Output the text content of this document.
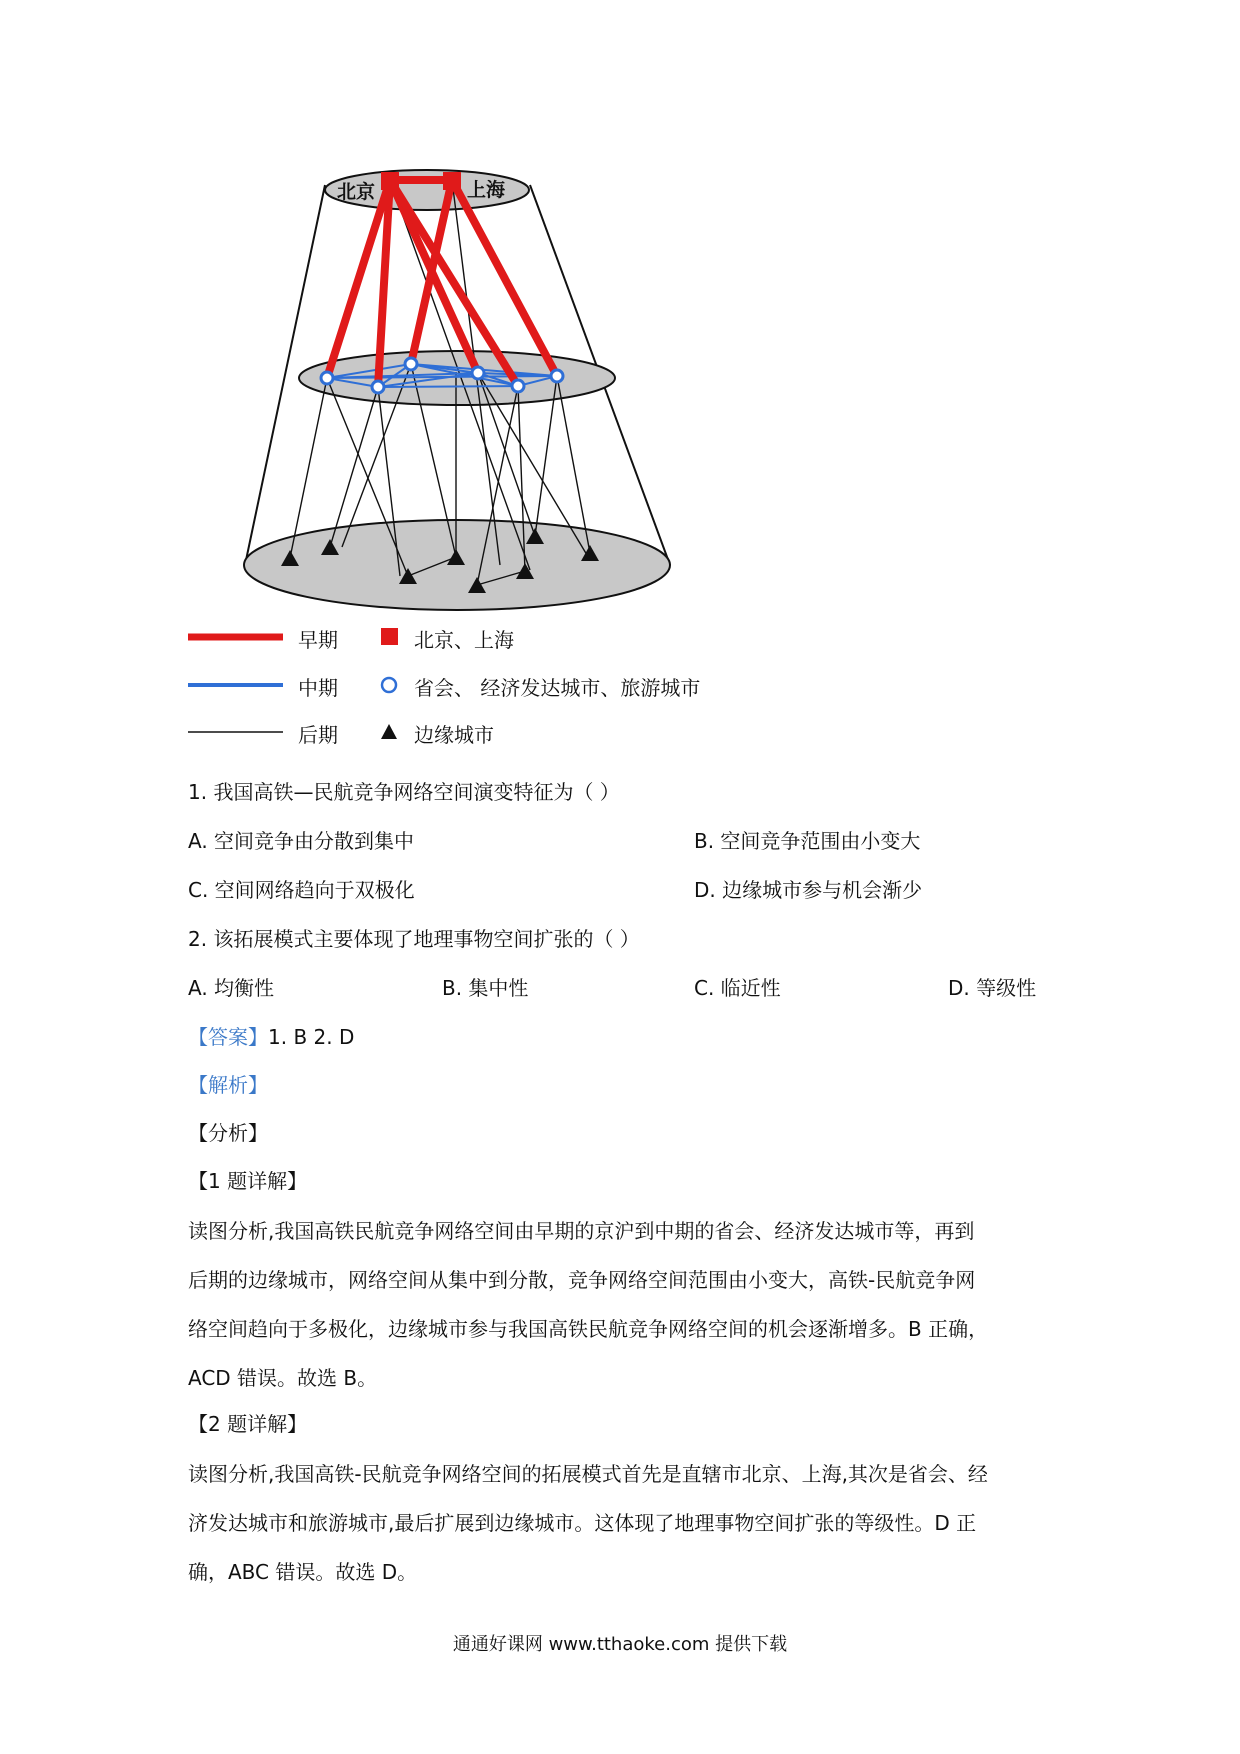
北京	上海
早期	北京、上海
中期	省会、 经济发达城市、旅游城市
后期	边缘城市
1. 我国高铁—民航竞争网络空间演变特征为（ ）
A. 空间竞争由分散到集中	B. 空间竞争范围由小变大
C. 空间网络趋向于双极化	D. 边缘城市参与机会渐少
2. 该拓展模式主要体现了地理事物空间扩张的（ ）
A. 均衡性	B. 集中性	C. 临近性	D. 等级性
【答案】1. B 2. D
【解析】
【分析】
【1 题详解】
读图分析,我国高铁民航竞争网络空间由早期的京沪到中期的省会、经济发达城市等，再到
后期的边缘城市，网络空间从集中到分散，竞争网络空间范围由小变大，高铁-民航竞争网
络空间趋向于多极化，边缘城市参与我国高铁民航竞争网络空间的机会逐渐增多。B 正确，
ACD 错误。故选 B。
【2 题详解】
读图分析,我国高铁-民航竞争网络空间的拓展模式首先是直辖市北京、上海,其次是省会、经
济发达城市和旅游城市,最后扩展到边缘城市。这体现了地理事物空间扩张的等级性。D 正
确，ABC 错误。故选 D。
通通好课网 www.tthaoke.com 提供下载
